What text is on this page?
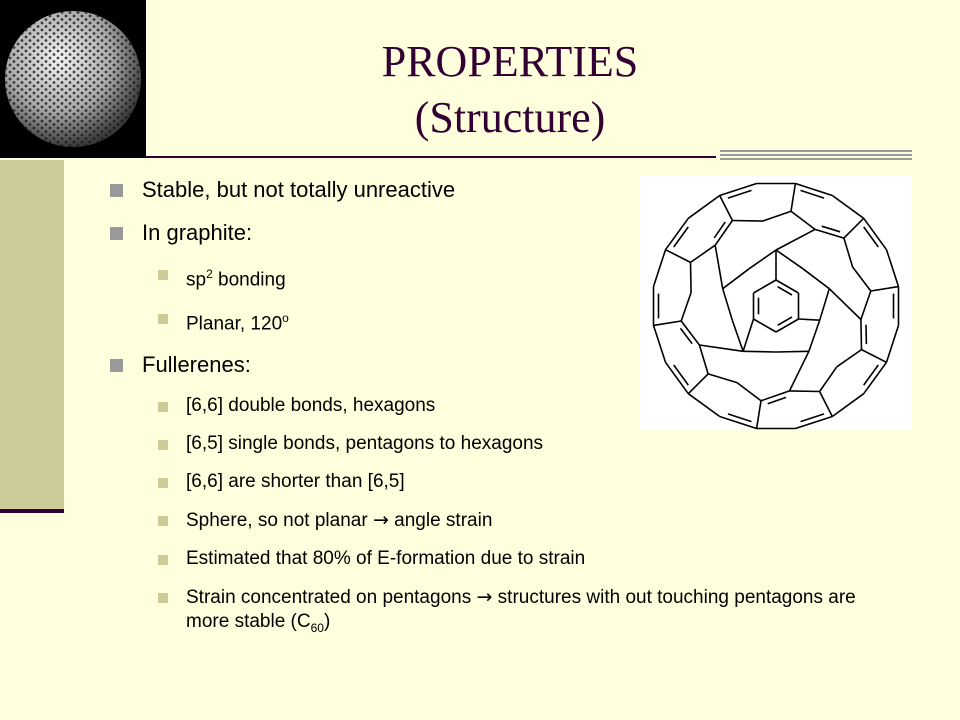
PROPERTIES
(Structure)
Stable, but not totally unreactive
In graphite:
$sp^2$ bonding
Planar, 120$^o$
Fullerenes:
[6,6] double bonds, hexagons
[6,5] single bonds, pentagons to hexagons
[6,6] are shorter than [6,5]
Sphere, so not planar → angle strain
Estimated that 80% of E-formation due to strain
Strain concentrated on pentagons → structures with out touching pentagons are more stable $(C_{60})$
